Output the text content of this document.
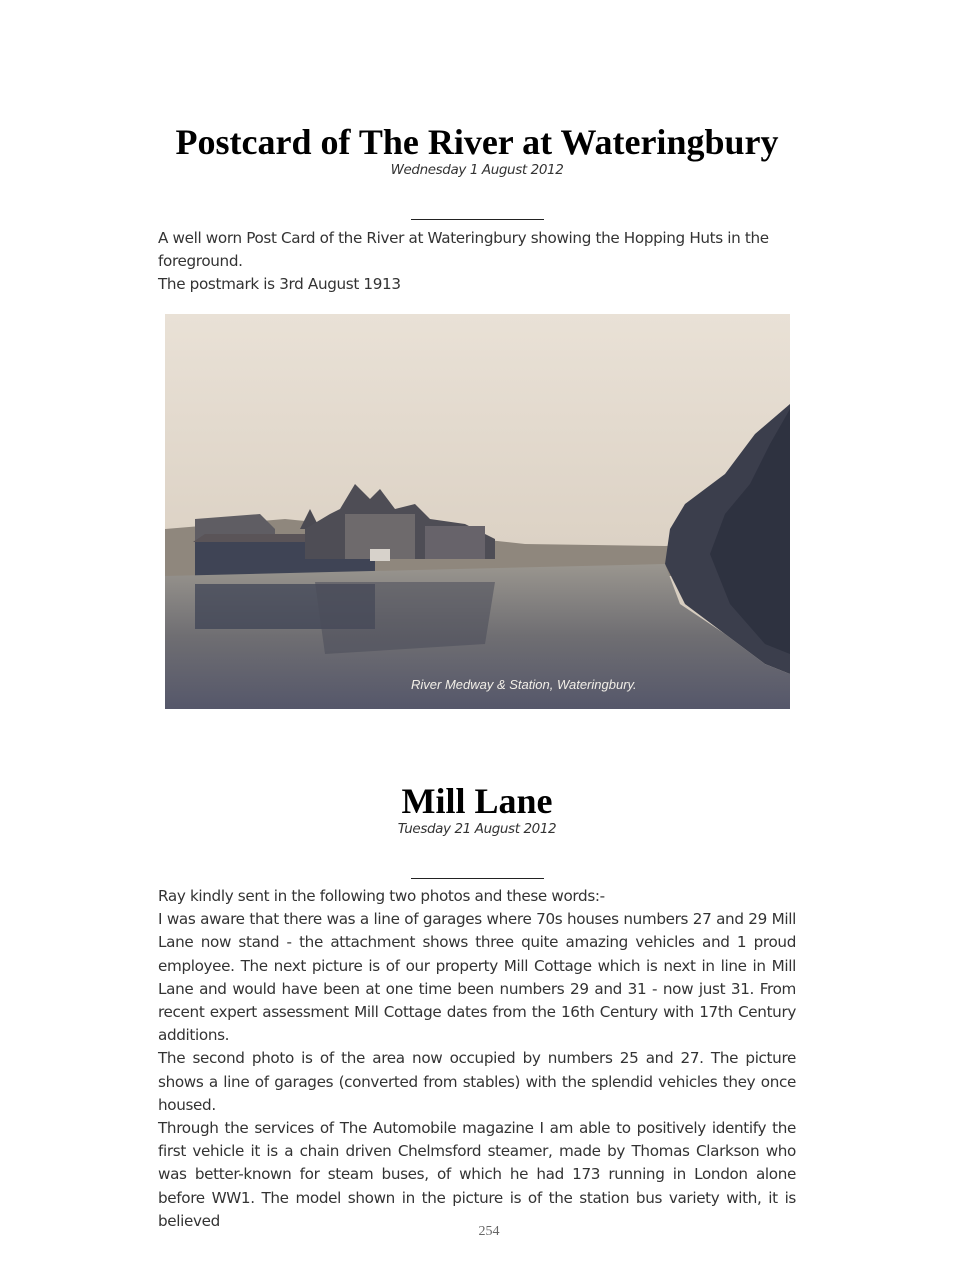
Postcard of The River at Wateringbury
Wednesday 1 August 2012

A well worn Post Card of the River at Wateringbury showing the Hopping Huts in the foreground.

The postmark is 3rd August 1913

River Medway & Station, Wateringbury.
Mill Lane
Tuesday 21 August 2012

Ray kindly sent in the following two photos and these words:-

I was aware that there was a line of garages where 70s houses numbers 27 and 29 Mill Lane now stand - the attachment shows three quite amazing vehicles and 1 proud employee. The next picture is of our property Mill Cottage which is next in line in Mill Lane and would have been at one time been numbers 29 and 31 - now just 31. From recent expert assessment Mill Cottage dates from the 16th Century with 17th Century additions.

The second photo is of the area now occupied by numbers 25 and 27. The picture shows a line of garages (converted from stables) with the splendid vehicles they once housed.

Through the services of The Automobile magazine I am able to positively identify the first vehicle it is a chain driven Chelmsford steamer, made by Thomas Clarkson who was better-known for steam buses, of which he had 173 running in London alone before WW1. The model shown in the picture is of the station bus variety with, it is believed

254
